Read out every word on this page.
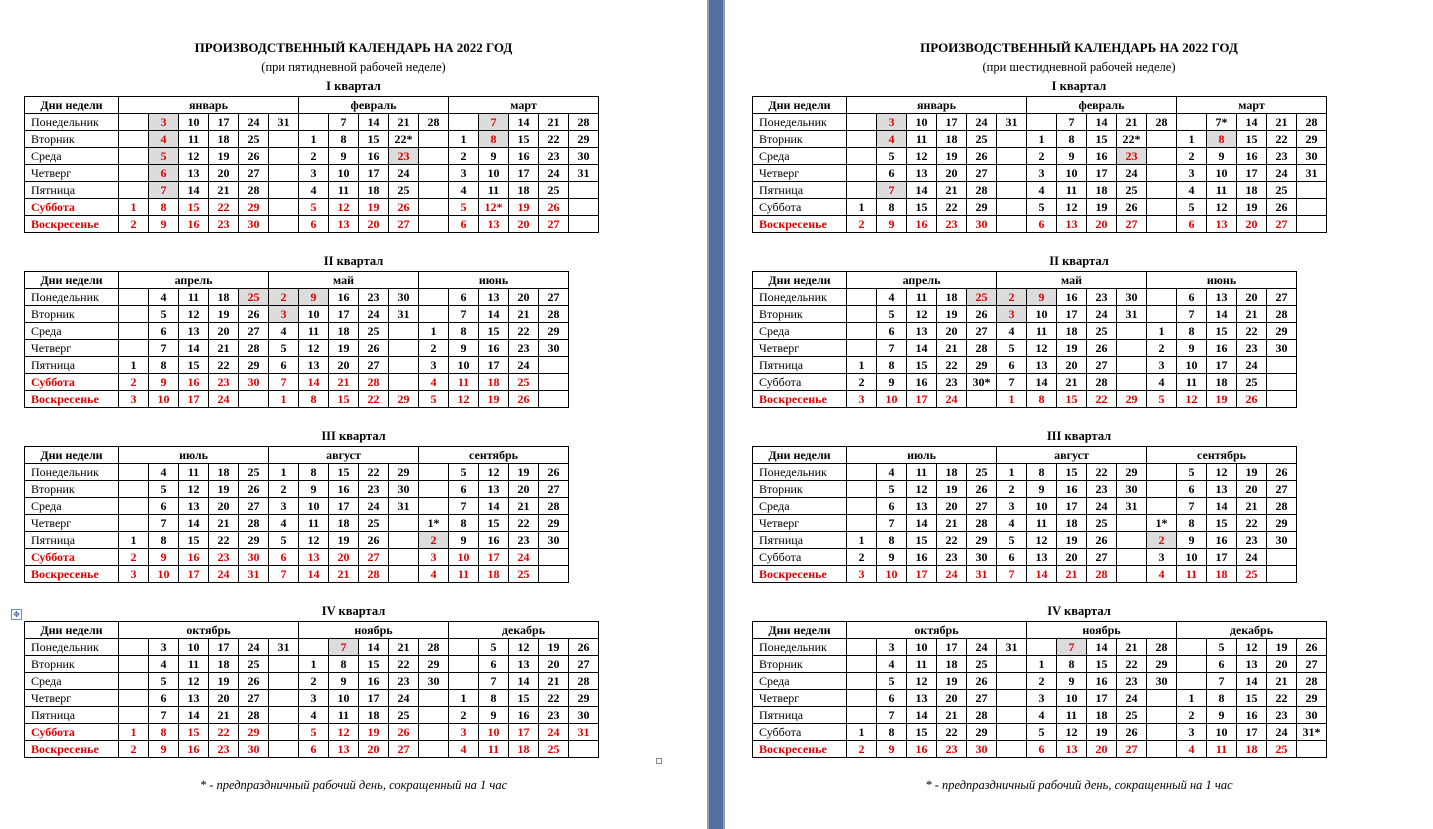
ПРОИЗВОДСТВЕННЫЙ КАЛЕНДАРЬ НА 2022 ГОД
(при пятидневной рабочей неделе)
I квартал
Дни недели	январь						февраль					март				
Понедельник		3	10	17	24	31		7	14	21	28		7	14	21	28
Вторник		4	11	18	25		1	8	15	22*		1	8	15	22	29
Среда		5	12	19	26		2	9	16	23		2	9	16	23	30
Четверг		6	13	20	27		3	10	17	24		3	10	17	24	31
Пятница		7	14	21	28		4	11	18	25		4	11	18	25	
Суббота	1	8	15	22	29		5	12	19	26		5	12*	19	26	
Воскресенье	2	9	16	23	30		6	13	20	27		6	13	20	27	
II квартал
Дни недели	апрель					май					июнь				
Понедельник		4	11	18	25	2	9	16	23	30		6	13	20	27
Вторник		5	12	19	26	3	10	17	24	31		7	14	21	28
Среда		6	13	20	27	4	11	18	25		1	8	15	22	29
Четверг		7	14	21	28	5	12	19	26		2	9	16	23	30
Пятница	1	8	15	22	29	6	13	20	27		3	10	17	24	
Суббота	2	9	16	23	30	7	14	21	28		4	11	18	25	
Воскресенье	3	10	17	24		1	8	15	22	29	5	12	19	26	
III квартал
Дни недели	июль					август					сентябрь				
Понедельник		4	11	18	25	1	8	15	22	29		5	12	19	26
Вторник		5	12	19	26	2	9	16	23	30		6	13	20	27
Среда		6	13	20	27	3	10	17	24	31		7	14	21	28
Четверг		7	14	21	28	4	11	18	25		1*	8	15	22	29
Пятница	1	8	15	22	29	5	12	19	26		2	9	16	23	30
Суббота	2	9	16	23	30	6	13	20	27		3	10	17	24	
Воскресенье	3	10	17	24	31	7	14	21	28		4	11	18	25	
IV квартал
Дни недели	октябрь						ноябрь					декабрь				
Понедельник		3	10	17	24	31		7	14	21	28		5	12	19	26
Вторник		4	11	18	25		1	8	15	22	29		6	13	20	27
Среда		5	12	19	26		2	9	16	23	30		7	14	21	28
Четверг		6	13	20	27		3	10	17	24		1	8	15	22	29
Пятница		7	14	21	28		4	11	18	25		2	9	16	23	30
Суббота	1	8	15	22	29		5	12	19	26		3	10	17	24	31
Воскресенье	2	9	16	23	30		6	13	20	27		4	11	18	25	
* - предпраздничный рабочий день, сокращенный на 1 час
✥
ПРОИЗВОДСТВЕННЫЙ КАЛЕНДАРЬ НА 2022 ГОД
(при шестидневной рабочей неделе)
I квартал
Дни недели	январь						февраль					март				
Понедельник		3	10	17	24	31		7	14	21	28		7*	14	21	28
Вторник		4	11	18	25		1	8	15	22*		1	8	15	22	29
Среда		5	12	19	26		2	9	16	23		2	9	16	23	30
Четверг		6	13	20	27		3	10	17	24		3	10	17	24	31
Пятница		7	14	21	28		4	11	18	25		4	11	18	25	
Суббота	1	8	15	22	29		5	12	19	26		5	12	19	26	
Воскресенье	2	9	16	23	30		6	13	20	27		6	13	20	27	
II квартал
Дни недели	апрель					май					июнь				
Понедельник		4	11	18	25	2	9	16	23	30		6	13	20	27
Вторник		5	12	19	26	3	10	17	24	31		7	14	21	28
Среда		6	13	20	27	4	11	18	25		1	8	15	22	29
Четверг		7	14	21	28	5	12	19	26		2	9	16	23	30
Пятница	1	8	15	22	29	6	13	20	27		3	10	17	24	
Суббота	2	9	16	23	30*	7	14	21	28		4	11	18	25	
Воскресенье	3	10	17	24		1	8	15	22	29	5	12	19	26	
III квартал
Дни недели	июль					август					сентябрь				
Понедельник		4	11	18	25	1	8	15	22	29		5	12	19	26
Вторник		5	12	19	26	2	9	16	23	30		6	13	20	27
Среда		6	13	20	27	3	10	17	24	31		7	14	21	28
Четверг		7	14	21	28	4	11	18	25		1*	8	15	22	29
Пятница	1	8	15	22	29	5	12	19	26		2	9	16	23	30
Суббота	2	9	16	23	30	6	13	20	27		3	10	17	24	
Воскресенье	3	10	17	24	31	7	14	21	28		4	11	18	25	
IV квартал
Дни недели	октябрь						ноябрь					декабрь				
Понедельник		3	10	17	24	31		7	14	21	28		5	12	19	26
Вторник		4	11	18	25		1	8	15	22	29		6	13	20	27
Среда		5	12	19	26		2	9	16	23	30		7	14	21	28
Четверг		6	13	20	27		3	10	17	24		1	8	15	22	29
Пятница		7	14	21	28		4	11	18	25		2	9	16	23	30
Суббота	1	8	15	22	29		5	12	19	26		3	10	17	24	31*
Воскресенье	2	9	16	23	30		6	13	20	27		4	11	18	25	
* - предпраздничный рабочий день, сокращенный на 1 час
